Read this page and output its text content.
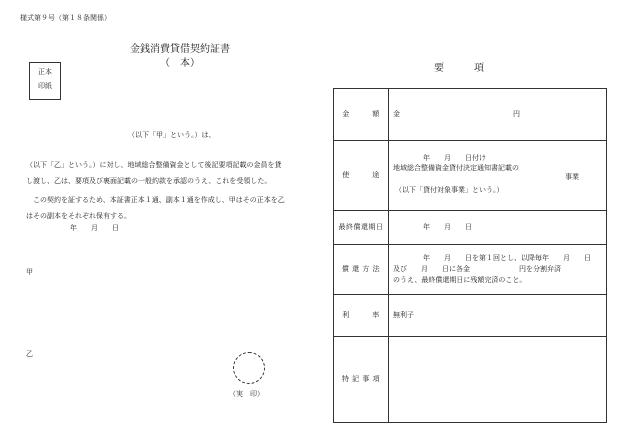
様式第９号（第１８条関係）
金銭消費貸借契約証書
（　本）
正本
印紙
（以下「甲」という。）は、
（以下「乙」という。）に対し、地域総合整備資金として後記要項記載の金員を貸
し渡し、乙は、要項及び裏面記載の一般約款を承認のうえ、これを受領した。
　この契約を証するため、本証書正本１通、副本１通を作成し、甲はその正本を乙
はその副本をそれぞれ保有する。
年　　月　　日
甲
乙
（実　印）
要　　　項
金　　　額	金 円

使　　　途	年　　月　　日付け
地域総合整備資金貸付決定通知書記載の
事業
（以下「貸付対象事業」という。）

最終償還期日	年　　月　　日

償 還 方 法	年　　月　　日を第１回とし、以降毎年　　月　　日
及び　　月　　日に各金　　　　　　　円を分割弁済
のうえ、最終償還期日に残額完済のこと。

利　　　率	無利子

特 記 事 項	
